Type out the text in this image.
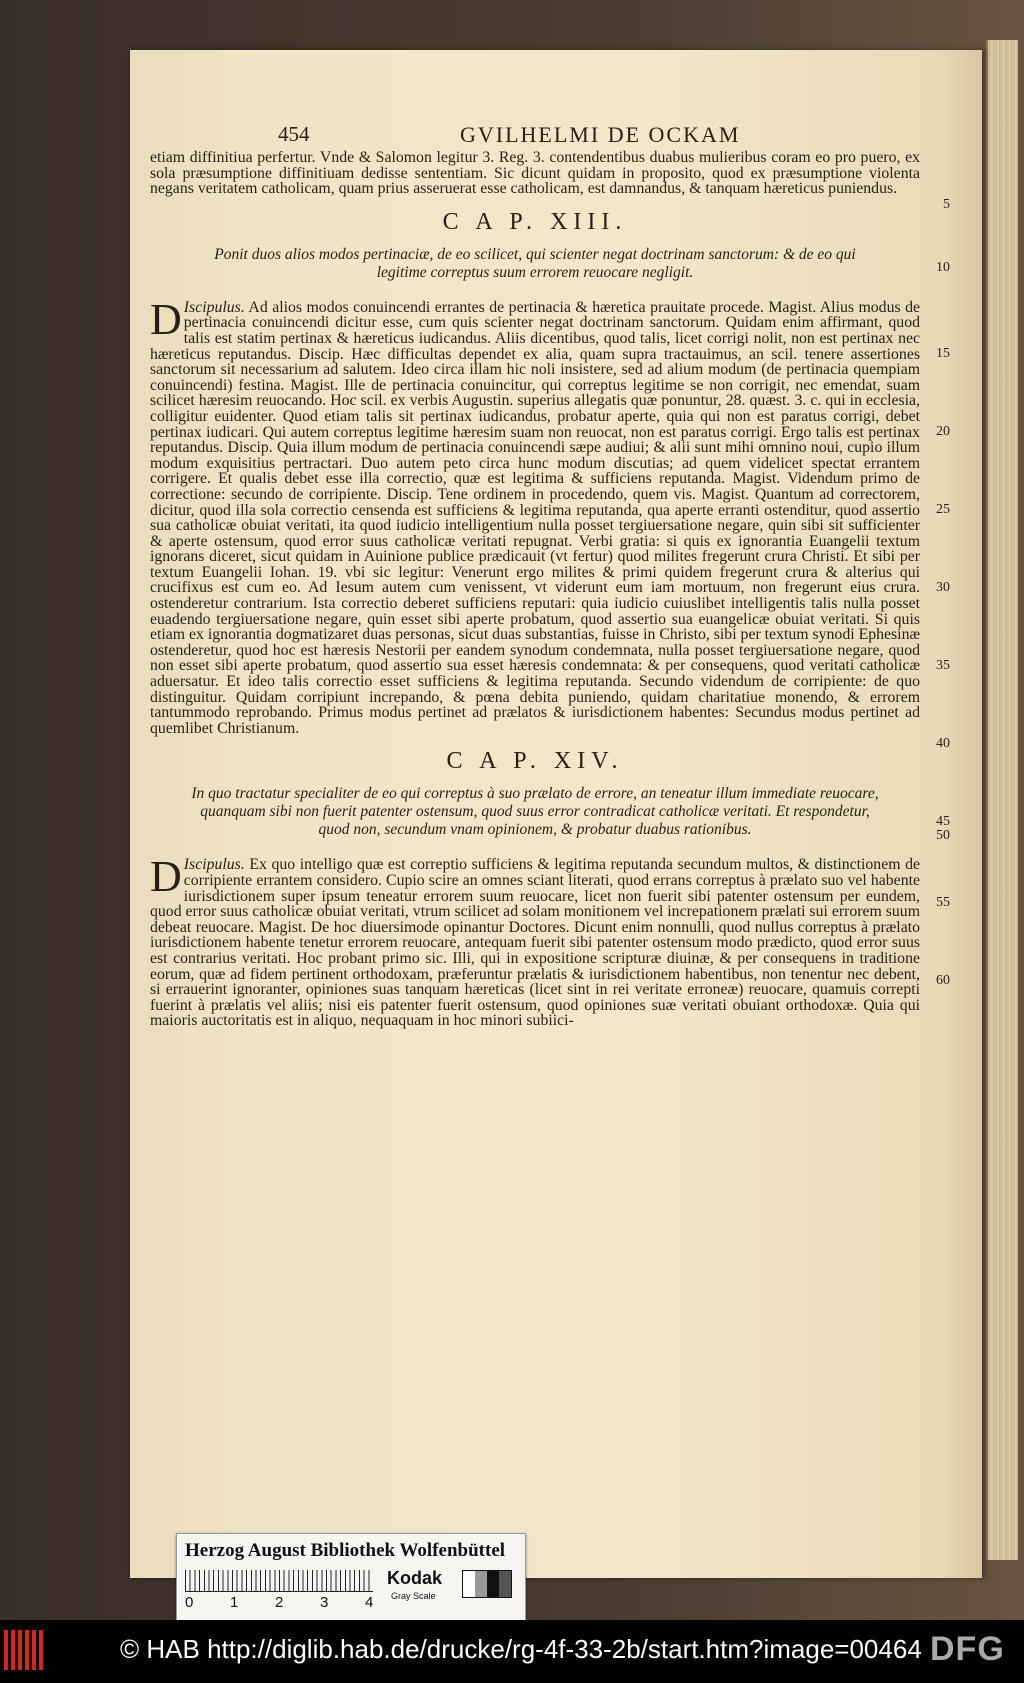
454	GVILHELMI DE OCKAM
etiam diffinitiua perfertur. Vnde & Salomon legitur 3. Reg. 3. contendentibus duabus mulieribus coram eo pro puero, ex sola præsumptione diffinitiuam dedisse sententiam. Sic dicunt quidam in proposito, quod ex præsumptione violenta negans veritatem catholicam, quam prius asseruerat esse catholicam, est damnandus, & tanquam hæreticus puniendus.
5
C A P. XIII.
Ponit duos alios modos pertinaciæ, de eo scilicet, qui scienter negat doctrinam sanctorum: & de eo qui legitime correptus suum errorem reuocare negligit.
D Iscipulus. Ad alios modos conuincendi errantes de pertinacia & hæretica prauitate procede. Magist. Alius modus de pertinacia conuincendi dicitur esse, cum quis scienter negat doctrinam sanctorum. Quidam enim affirmant, quod talis est statim pertinax & hæreticus iudicandus. Aliis dicentibus, quod talis, licet corrigi nolit, non est pertinax nec hæreticus reputandus. Discip. Hæc difficultas dependet ex alia, quam supra tractauimus, an scil. tenere assertiones sanctorum sit necessarium ad salutem. Ideo circa illam hic noli insistere, sed ad alium modum (de pertinacia quempiam conuincendi) festina. Magist. Ille de pertinacia conuincitur, qui correptus legitime se non corrigit, nec emendat, suam scilicet hæresim reuocando. Hoc scil. ex verbis Augustin. superius allegatis quæ ponuntur, 28. quæst. 3. c. qui in ecclesia, colligitur euidenter. Quod etiam talis sit pertinax iudicandus, probatur aperte, quia qui non est paratus corrigi, debet pertinax iudicari. Qui autem correptus legitime hæresim suam non reuocat, non est paratus corrigi. Ergo talis est pertinax reputandus. Discip. Quia illum modum de pertinacia conuincendi sæpe audiui; & alii sunt mihi omnino noui, cupio illum modum exquisitius pertractari. Duo autem peto circa hunc modum discutias; ad quem videlicet spectat errantem corrigere. Et qualis debet esse illa correctio, quæ est legitima & sufficiens reputanda. Magist. Videndum primo de correctione: secundo de corripiente. Discip. Tene ordinem in procedendo, quem vis. Magist. Quantum ad correctorem, dicitur, quod illa sola correctio censenda est sufficiens & legitima reputanda, qua aperte erranti ostenditur, quod assertio sua catholicæ obuiat veritati, ita quod iudicio intelligentium nulla posset tergiuersatione negare, quin sibi sit sufficienter & aperte ostensum, quod error suus catholicæ veritati repugnat. Verbi gratia: si quis ex ignorantia Euangelii textum ignorans diceret, sicut quidam in Auinione publice prædicauit (vt fertur) quod milites fregerunt crura Christi. Et sibi per textum Euangelii Iohan. 19. vbi sic legitur: Venerunt ergo milites & primi quidem fregerunt crura & alterius qui crucifixus est cum eo. Ad Iesum autem cum venissent, vt viderunt eum iam mortuum, non fregerunt eius crura. ostenderetur contrarium. Ista correctio deberet sufficiens reputari: quia iudicio cuiuslibet intelligentis talis nulla posset euadendo tergiuersatione negare, quin esset sibi aperte probatum, quod assertio sua euangelicæ obuiat veritati. Si quis etiam ex ignorantia dogmatizaret duas personas, sicut duas substantias, fuisse in Christo, sibi per textum synodi Ephesinæ ostenderetur, quod hoc est hæresis Nestorii per eandem synodum condemnata, nulla posset tergiuersatione negare, quod non esset sibi aperte probatum, quod assertio sua esset hæresis condemnata: & per consequens, quod veritati catholicæ aduersatur. Et ideo talis correctio esset sufficiens & legitima reputanda. Secundo videndum de corripiente: de quo distinguitur. Quidam corripiunt increpando, & pœna debita puniendo, quidam charitatiue monendo, & errorem tantummodo reprobando. Primus modus pertinet ad prælatos & iurisdictionem habentes: Secundus modus pertinet ad quemlibet Christianum.
10
15
20
25
30
35
40
45
C A P. XIV.
In quo tractatur specialiter de eo qui correptus à suo prælato de errore, an teneatur illum immediate reuocare, quanquam sibi non fuerit patenter ostensum, quod suus error contradicat catholicæ veritati. Et respondetur, quod non, secundum vnam opinionem, & probatur duabus rationibus.	50
D Iscipulus. Ex quo intelligo quæ est correptio sufficiens & legitima reputanda secundum multos, & distinctionem de corripiente errantem considero. Cupio scire an omnes sciant literati, quod errans correptus à prælato suo vel habente iurisdictionem super ipsum teneatur errorem suum reuocare, licet non fuerit sibi patenter ostensum per eundem, quod error suus catholicæ obuiat veritati, vtrum scilicet ad solam monitionem vel increpationem prælati sui errorem suum debeat reuocare. Magist. De hoc diuersimode opinantur Doctores. Dicunt enim nonnulli, quod nullus correptus à prælato iurisdictionem habente tenetur errorem reuocare, antequam fuerit sibi patenter ostensum modo prædicto, quod error suus est contrarius veritati. Hoc probant primo sic. Illi, qui in expositione scripturæ diuinæ, & per consequens in traditione eorum, quæ ad fidem pertinent orthodoxam, præferuntur prælatis & iurisdictionem habentibus, non tenentur nec debent, si errauerint ignoranter, opiniones suas tanquam hæreticas (licet sint in rei veritate erroneæ) reuocare, quamuis correpti fuerint à prælatis vel aliis; nisi eis patenter fuerit ostensum, quod opiniones suæ veritati obuiant orthodoxæ. Quia qui maioris auctoritatis est in aliquo, nequaquam in hoc minori subiici-
55
60
Herzog August Bibliothek Wolfenbüttel
0 1 2 3 4
Kodak
Gray Scale
© HAB http://diglib.hab.de/drucke/rg-4f-33-2b/start.htm?image=00464 DFG
